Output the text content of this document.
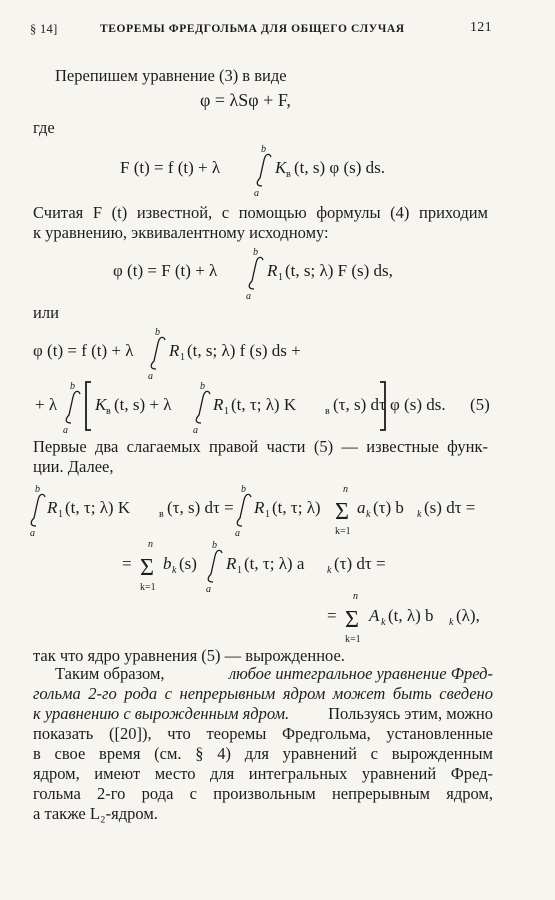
§ 14]	ТЕОРЕМЫ ФРЕДГОЛЬМА ДЛЯ ОБЩЕГО СЛУЧАЯ	121
Перепишем уравнение (3) в виде
φ = λSφ + F,
где
F (t) = f (t) + λ
b
a
K в (t, s) φ (s) ds.
Считая F (t) известной, с помощью формулы (4) приходим
к уравнению, эквивалентному исходному:
φ (t) = F (t) + λ
b
a
R 1 (t, s; λ) F (s) ds,
или
φ (t) = f (t) + λ
b
a
R 1 (t, s; λ) f (s) ds +
+ λ
b
a
K в (t, s) + λ
b
a
R 1 (t, τ; λ) K	в (τ, s) dτ φ (s) ds. (5)
Первые два слагаемых правой части (5) — известные функ-
ции. Далее,
b
a
R 1 (t, τ; λ) K	в (τ, s) dτ =
b
a
R 1 (t, τ; λ)
n
Σ
k=1
a k (τ) b k (s) dτ =
=
n
Σ
k=1
b k (s)
b
a
R 1 (t, τ; λ) a k (τ) dτ =
=
n
Σ
k=1
A k (t, λ) b k (λ),
так что ядро уравнения (5) — вырожденное.
Таким образом,	любое интегральное уравнение Фред-
гольма 2-го рода с непрерывным ядром может быть сведено
к уравнению с вырожденным ядром. Пользуясь этим, можно
показать ([20]), что теоремы Фредгольма, установленные
в свое время (см. § 4) для уравнений с вырожденным
ядром, имеют место для интегральных уравнений Фред-
гольма 2-го рода с произвольным непрерывным ядром,
а также L₂-ядром.
